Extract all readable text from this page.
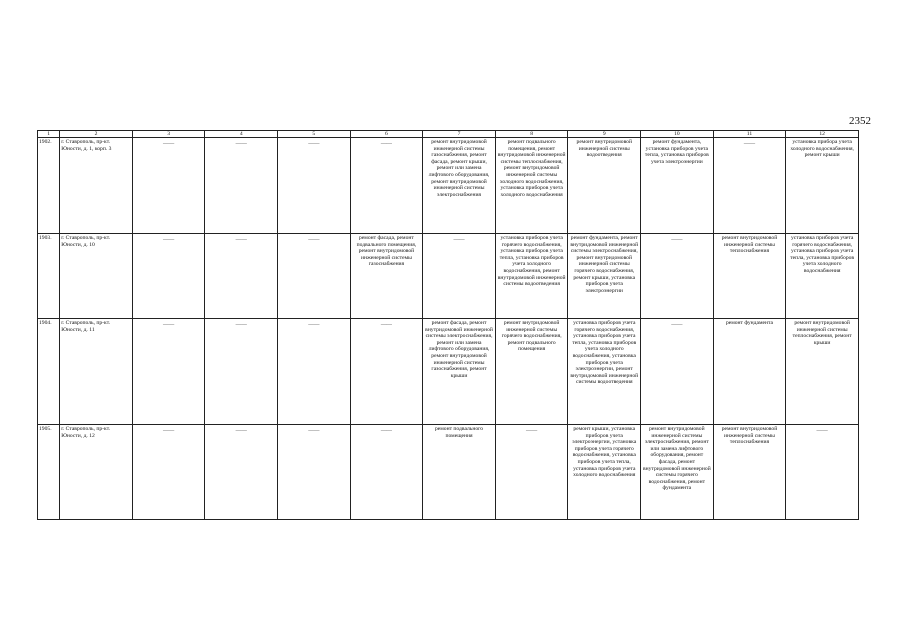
2352
1	2	3	4	5	6	7	8	9	10	11	12
1902.	г. Ставрополь, пр-кт. Юности, д. 1, корп. 3	——	——	——	——	ремонт внутридомовой инженерной системы газоснабжения, ремонт фасада, ремонт крыши, ремонт или замена лифтового оборудования, ремонт внутридомовой инженерной системы электроснабжения	ремонт подвального помещения, ремонт внутридомовой инженерной системы теплоснабжения, ремонт внутридомовой инженерной системы холодного водоснабжения, установка приборов учета холодного водоснабжения	ремонт внутридомовой инженерной системы водоотведения	ремонт фундамента, установка приборов учета тепла, установка приборов учета электроэнергии	——	установка прибора учета холодного водоснабжения, ремонт крыши
1903.	г. Ставрополь, пр-кт. Юности, д. 10	——	——	——	ремонт фасада, ремонт подвального помещения, ремонт внутридомовой инженерной системы газоснабжения	——	установка приборов учета горячего водоснабжения, установка приборов учета тепла, установка приборов учета холодного водоснабжения, ремонт внутридомовой инженерной системы водоотведения	ремонт фундамента, ремонт внутридомовой инженерной системы электроснабжения, ремонт внутридомовой инженерной системы горячего водоснабжения, ремонт крыши, установка приборов учета электроэнергии	——	ремонт внутридомовой инженерной системы теплоснабжения	установка приборов учета горячего водоснабжения, установка приборов учета тепла, установка приборов учета холодного водоснабжения
1904.	г. Ставрополь, пр-кт. Юности, д. 11	——	——	——	——	ремонт фасада, ремонт внутридомовой инженерной системы электроснабжения, ремонт или замена лифтового оборудования, ремонт внутридомовой инженерной системы газоснабжения, ремонт крыши	ремонт внутридомовой инженерной системы горячего водоснабжения, ремонт подвального помещения	установка приборов учета горячего водоснабжения, установка приборов учета тепла, установка приборов учета холодного водоснабжения, установка приборов учета электроэнергии, ремонт внутридомовой инженерной системы водоотведения	——	ремонт фундамента	ремонт внутридомовой инженерной системы теплоснабжения, ремонт крыши
1905.	г. Ставрополь, пр-кт. Юности, д. 12	——	——	——	——	ремонт подвального помещения	——	ремонт крыши, установка приборов учета электроэнергии, установка приборов учета горячего водоснабжения, установка приборов учета тепла, установка приборов учета холодного водоснабжения	ремонт внутридомовой инженерной системы электроснабжения, ремонт или замена лифтового оборудования, ремонт фасада, ремонт внутридомовой инженерной системы горячего водоснабжения, ремонт фундамента	ремонт внутридомовой инженерной системы теплоснабжения	——
